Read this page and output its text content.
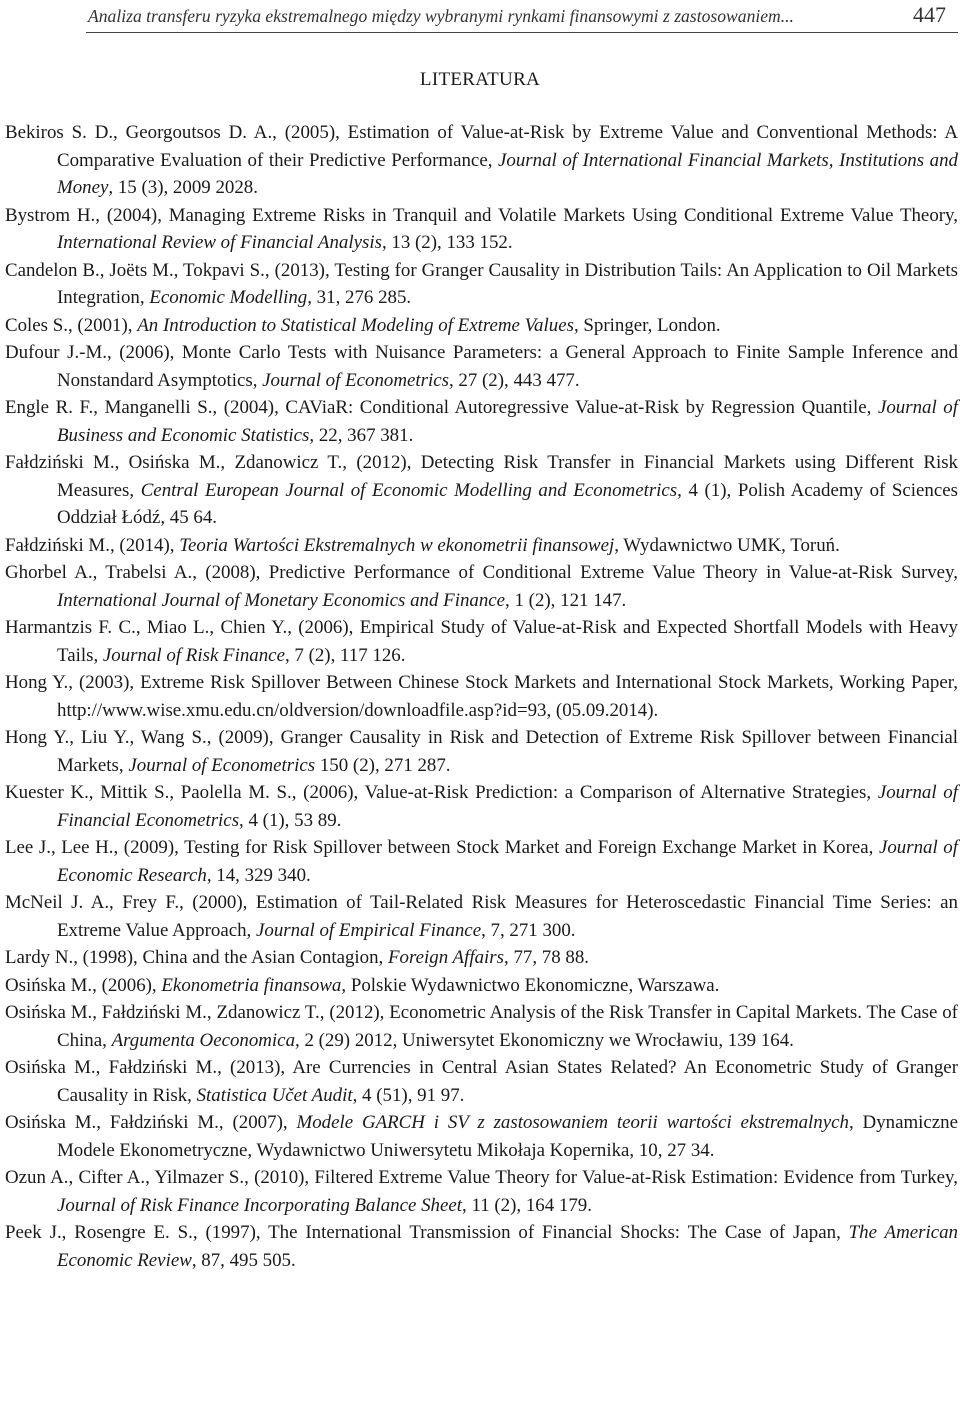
Analiza transferu ryzyka ekstremalnego między wybranymi rynkami finansowymi z zastosowaniem...	447
LITERATURA
Bekiros S. D., Georgoutsos D. A., (2005), Estimation of Value-at-Risk by Extreme Value and Conventional Methods: A Comparative Evaluation of their Predictive Performance, Journal of International Financial Markets, Institutions and Money, 15 (3), 2009 2028.
Bystrom H., (2004), Managing Extreme Risks in Tranquil and Volatile Markets Using Conditional Extreme Value Theory, International Review of Financial Analysis, 13 (2), 133 152.
Candelon B., Joëts M., Tokpavi S., (2013), Testing for Granger Causality in Distribution Tails: An Application to Oil Markets Integration, Economic Modelling, 31, 276 285.
Coles S., (2001), An Introduction to Statistical Modeling of Extreme Values, Springer, London.
Dufour J.-M., (2006), Monte Carlo Tests with Nuisance Parameters: a General Approach to Finite Sample Inference and Nonstandard Asymptotics, Journal of Econometrics, 27 (2), 443 477.
Engle R. F., Manganelli S., (2004), CAViaR: Conditional Autoregressive Value-at-Risk by Regression Quantile, Journal of Business and Economic Statistics, 22, 367 381.
Fałdziński M., Osińska M., Zdanowicz T., (2012), Detecting Risk Transfer in Financial Markets using Different Risk Measures, Central European Journal of Economic Modelling and Econometrics, 4 (1), Polish Academy of Sciences Oddział Łódź, 45 64.
Fałdziński M., (2014), Teoria Wartości Ekstremalnych w ekonometrii finansowej, Wydawnictwo UMK, Toruń.
Ghorbel A., Trabelsi A., (2008), Predictive Performance of Conditional Extreme Value Theory in Value-at-Risk Survey, International Journal of Monetary Economics and Finance, 1 (2), 121 147.
Harmantzis F. C., Miao L., Chien Y., (2006), Empirical Study of Value-at-Risk and Expected Shortfall Models with Heavy Tails, Journal of Risk Finance, 7 (2), 117 126.
Hong Y., (2003), Extreme Risk Spillover Between Chinese Stock Markets and International Stock Markets, Working Paper, http://www.wise.xmu.edu.cn/oldversion/downloadfile.asp?id=93, (05.09.2014).
Hong Y., Liu Y., Wang S., (2009), Granger Causality in Risk and Detection of Extreme Risk Spillover between Financial Markets, Journal of Econometrics 150 (2), 271 287.
Kuester K., Mittik S., Paolella M. S., (2006), Value-at-Risk Prediction: a Comparison of Alternative Strategies, Journal of Financial Econometrics, 4 (1), 53 89.
Lee J., Lee H., (2009), Testing for Risk Spillover between Stock Market and Foreign Exchange Market in Korea, Journal of Economic Research, 14, 329 340.
McNeil J. A., Frey F., (2000), Estimation of Tail-Related Risk Measures for Heteroscedastic Financial Time Series: an Extreme Value Approach, Journal of Empirical Finance, 7, 271 300.
Lardy N., (1998), China and the Asian Contagion, Foreign Affairs, 77, 78 88.
Osińska M., (2006), Ekonometria finansowa, Polskie Wydawnictwo Ekonomiczne, Warszawa.
Osińska M., Fałdziński M., Zdanowicz T., (2012), Econometric Analysis of the Risk Transfer in Capital Markets. The Case of China, Argumenta Oeconomica, 2 (29) 2012, Uniwersytet Ekonomiczny we Wrocławiu, 139 164.
Osińska M., Fałdziński M., (2013), Are Currencies in Central Asian States Related? An Econometric Study of Granger Causality in Risk, Statistica Učet Audit, 4 (51), 91 97.
Osińska M., Fałdziński M., (2007), Modele GARCH i SV z zastosowaniem teorii wartości ekstremalnych, Dynamiczne Modele Ekonometryczne, Wydawnictwo Uniwersytetu Mikołaja Kopernika, 10, 27 34.
Ozun A., Cifter A., Yilmazer S., (2010), Filtered Extreme Value Theory for Value-at-Risk Estimation: Evidence from Turkey, Journal of Risk Finance Incorporating Balance Sheet, 11 (2), 164 179.
Peek J., Rosengre E. S., (1997), The International Transmission of Financial Shocks: The Case of Japan, The American Economic Review, 87, 495 505.
